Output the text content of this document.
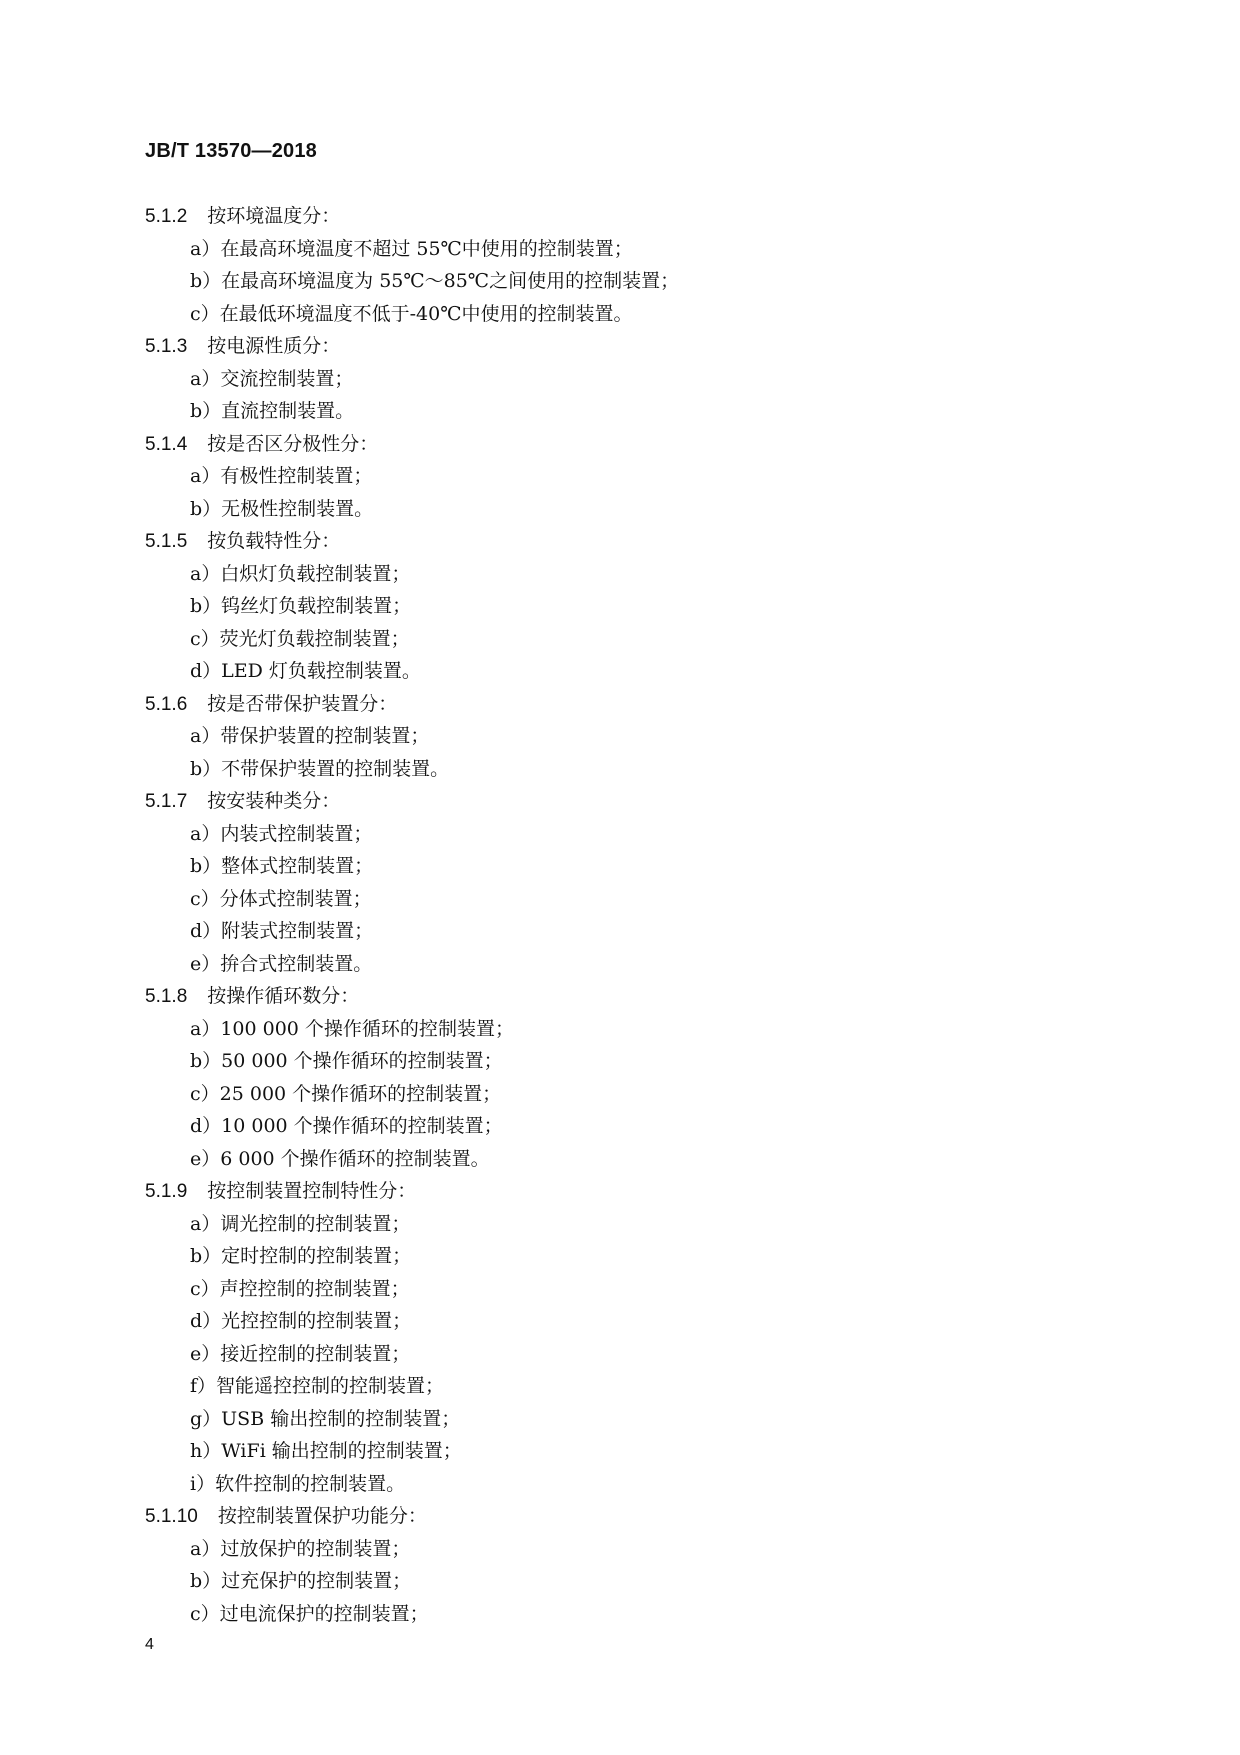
JB/T 13570—2018
5.1.2 按环境温度分：
a）在最高环境温度不超过 55℃中使用的控制装置；
b）在最高环境温度为 55℃～85℃之间使用的控制装置；
c）在最低环境温度不低于-40℃中使用的控制装置。
5.1.3 按电源性质分：
a）交流控制装置；
b）直流控制装置。
5.1.4 按是否区分极性分：
a）有极性控制装置；
b）无极性控制装置。
5.1.5 按负载特性分：
a）白炽灯负载控制装置；
b）钨丝灯负载控制装置；
c）荧光灯负载控制装置；
d）LED 灯负载控制装置。
5.1.6 按是否带保护装置分：
a）带保护装置的控制装置；
b）不带保护装置的控制装置。
5.1.7 按安装种类分：
a）内装式控制装置；
b）整体式控制装置；
c）分体式控制装置；
d）附装式控制装置；
e）拚合式控制装置。
5.1.8 按操作循环数分：
a）100 000 个操作循环的控制装置；
b）50 000 个操作循环的控制装置；
c）25 000 个操作循环的控制装置；
d）10 000 个操作循环的控制装置；
e）6 000 个操作循环的控制装置。
5.1.9 按控制装置控制特性分：
a）调光控制的控制装置；
b）定时控制的控制装置；
c）声控控制的控制装置；
d）光控控制的控制装置；
e）接近控制的控制装置；
f）智能遥控控制的控制装置；
g）USB 输出控制的控制装置；
h）WiFi 输出控制的控制装置；
i）软件控制的控制装置。
5.1.10 按控制装置保护功能分：
a）过放保护的控制装置；
b）过充保护的控制装置；
c）过电流保护的控制装置；
4
